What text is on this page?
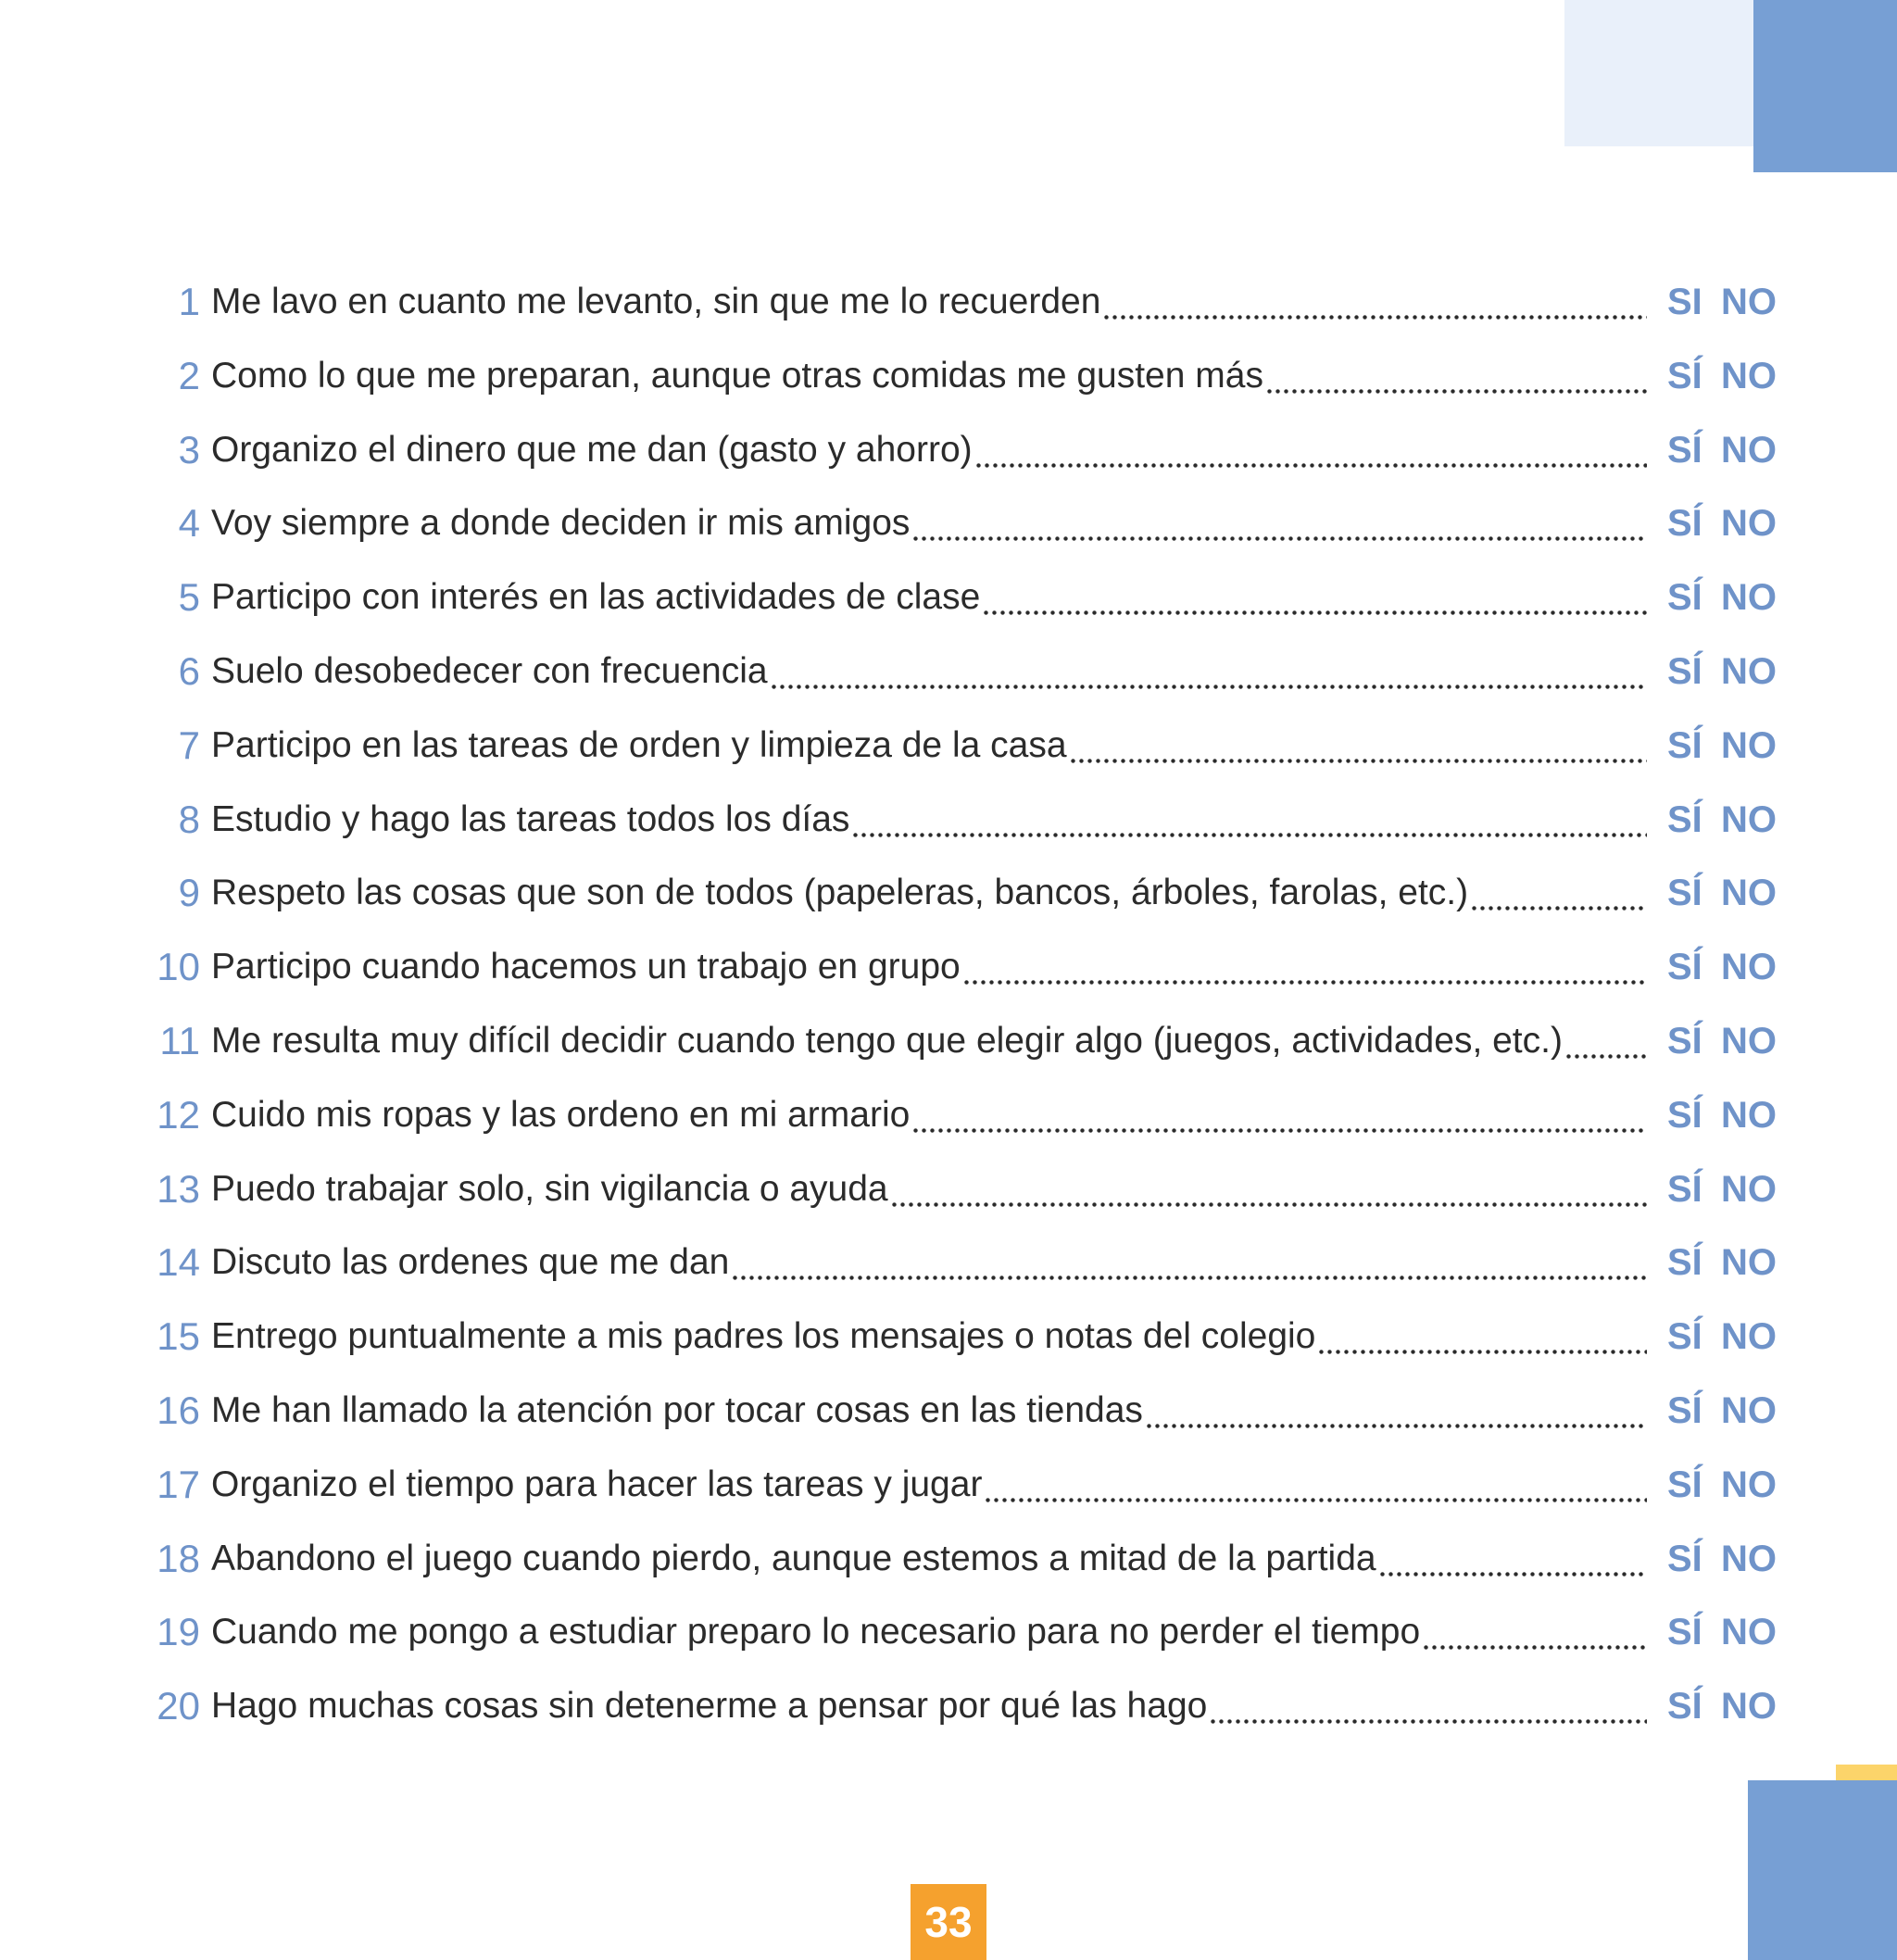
1 Me lavo en cuanto me levanto, sin que me lo recuerden	SI NO
2 Como lo que me preparan, aunque otras comidas me gusten más	SÍ NO
3 Organizo el dinero que me dan (gasto y ahorro)	SÍ NO
4 Voy siempre a donde deciden ir mis amigos	SÍ NO
5 Participo con interés en las actividades de clase	SÍ NO
6 Suelo desobedecer con frecuencia	SÍ NO
7 Participo en las tareas de orden y limpieza de la casa	SÍ NO
8 Estudio y hago las tareas todos los días	SÍ NO
9 Respeto las cosas que son de todos (papeleras, bancos, árboles, farolas, etc.)	SÍ NO
10 Participo cuando hacemos un trabajo en grupo	SÍ NO
11 Me resulta muy difícil decidir cuando tengo que elegir algo (juegos, actividades, etc.)	SÍ NO
12 Cuido mis ropas y las ordeno en mi armario	SÍ NO
13 Puedo trabajar solo, sin vigilancia o ayuda	SÍ NO
14 Discuto las ordenes que me dan	SÍ NO
15 Entrego puntualmente a mis padres los mensajes o notas del colegio	SÍ NO
16 Me han llamado la atención por tocar cosas en las tiendas	SÍ NO
17 Organizo el tiempo para hacer las tareas y jugar	SÍ NO
18 Abandono el juego cuando pierdo, aunque estemos a mitad de la partida	SÍ NO
19 Cuando me pongo a estudiar preparo lo necesario para no perder el tiempo	SÍ NO
20 Hago muchas cosas sin detenerme a pensar por qué las hago	SÍ NO
33
